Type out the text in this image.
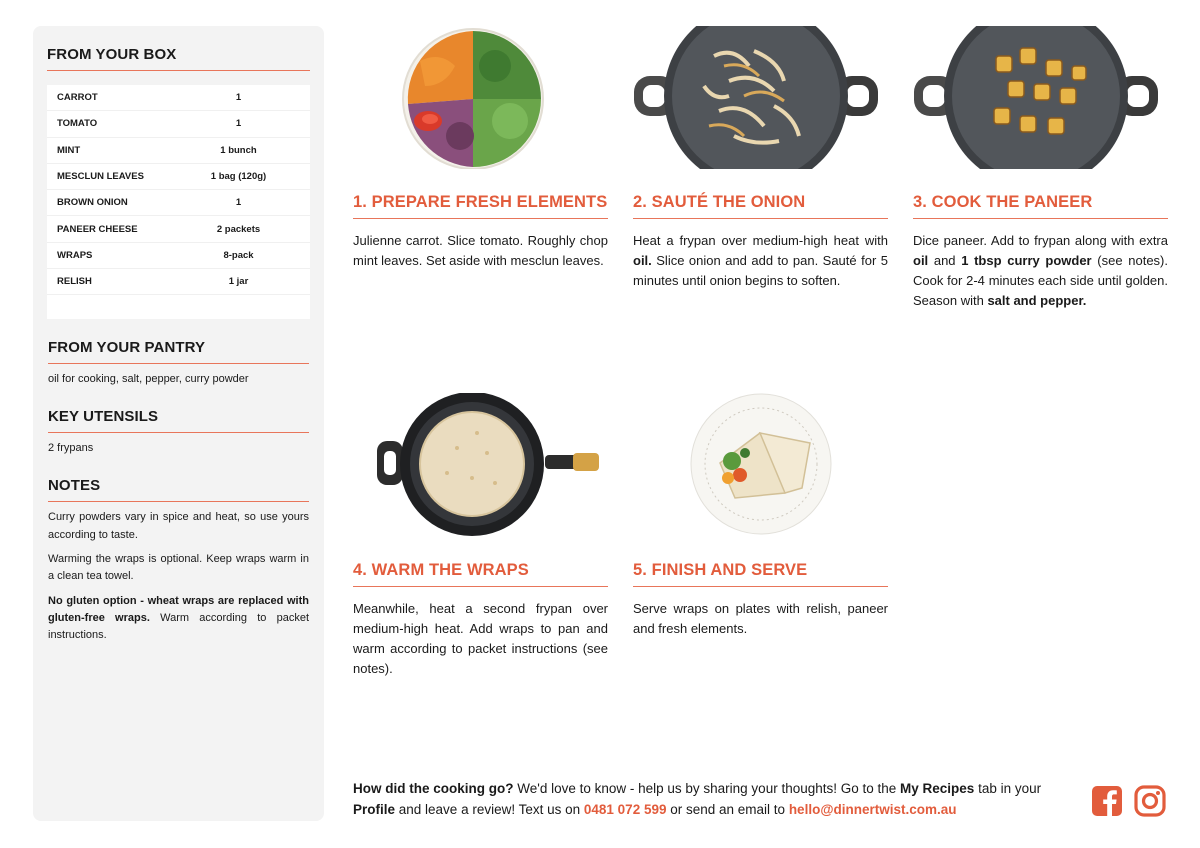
FROM YOUR BOX
CARROT	1
TOMATO	1
MINT	1 bunch
MESCLUN LEAVES	1 bag (120g)
BROWN ONION	1
PANEER CHEESE	2 packets
WRAPS	8-pack
RELISH	1 jar
FROM YOUR PANTRY
oil for cooking, salt, pepper, curry powder
KEY UTENSILS
2 frypans
NOTES

Curry powders vary in spice and heat, so use yours according to taste.

Warming the wraps is optional. Keep wraps warm in a clean tea towel.

No gluten option - wheat wraps are replaced with gluten-free wraps. Warm according to packet instructions.

1. PREPARE FRESH ELEMENTS
Julienne carrot. Slice tomato. Roughly chop mint leaves. Set aside with mesclun leaves.
2. SAUTÉ THE ONION
Heat a frypan over medium-high heat with oil. Slice onion and add to pan. Sauté for 5 minutes until onion begins to soften.
3. COOK THE PANEER
Dice paneer. Add to frypan along with extra oil and 1 tbsp curry powder (see notes). Cook for 2-4 minutes each side until golden. Season with salt and pepper.
4. WARM THE WRAPS
Meanwhile, heat a second frypan over medium-high heat. Add wraps to pan and warm according to packet instructions (see notes).
5. FINISH AND SERVE
Serve wraps on plates with relish, paneer and fresh elements.
How did the cooking go? We'd love to know - help us by sharing your thoughts! Go to the My Recipes tab in your Profile and leave a review! Text us on 0481 072 599 or send an email to hello@dinnertwist.com.au
